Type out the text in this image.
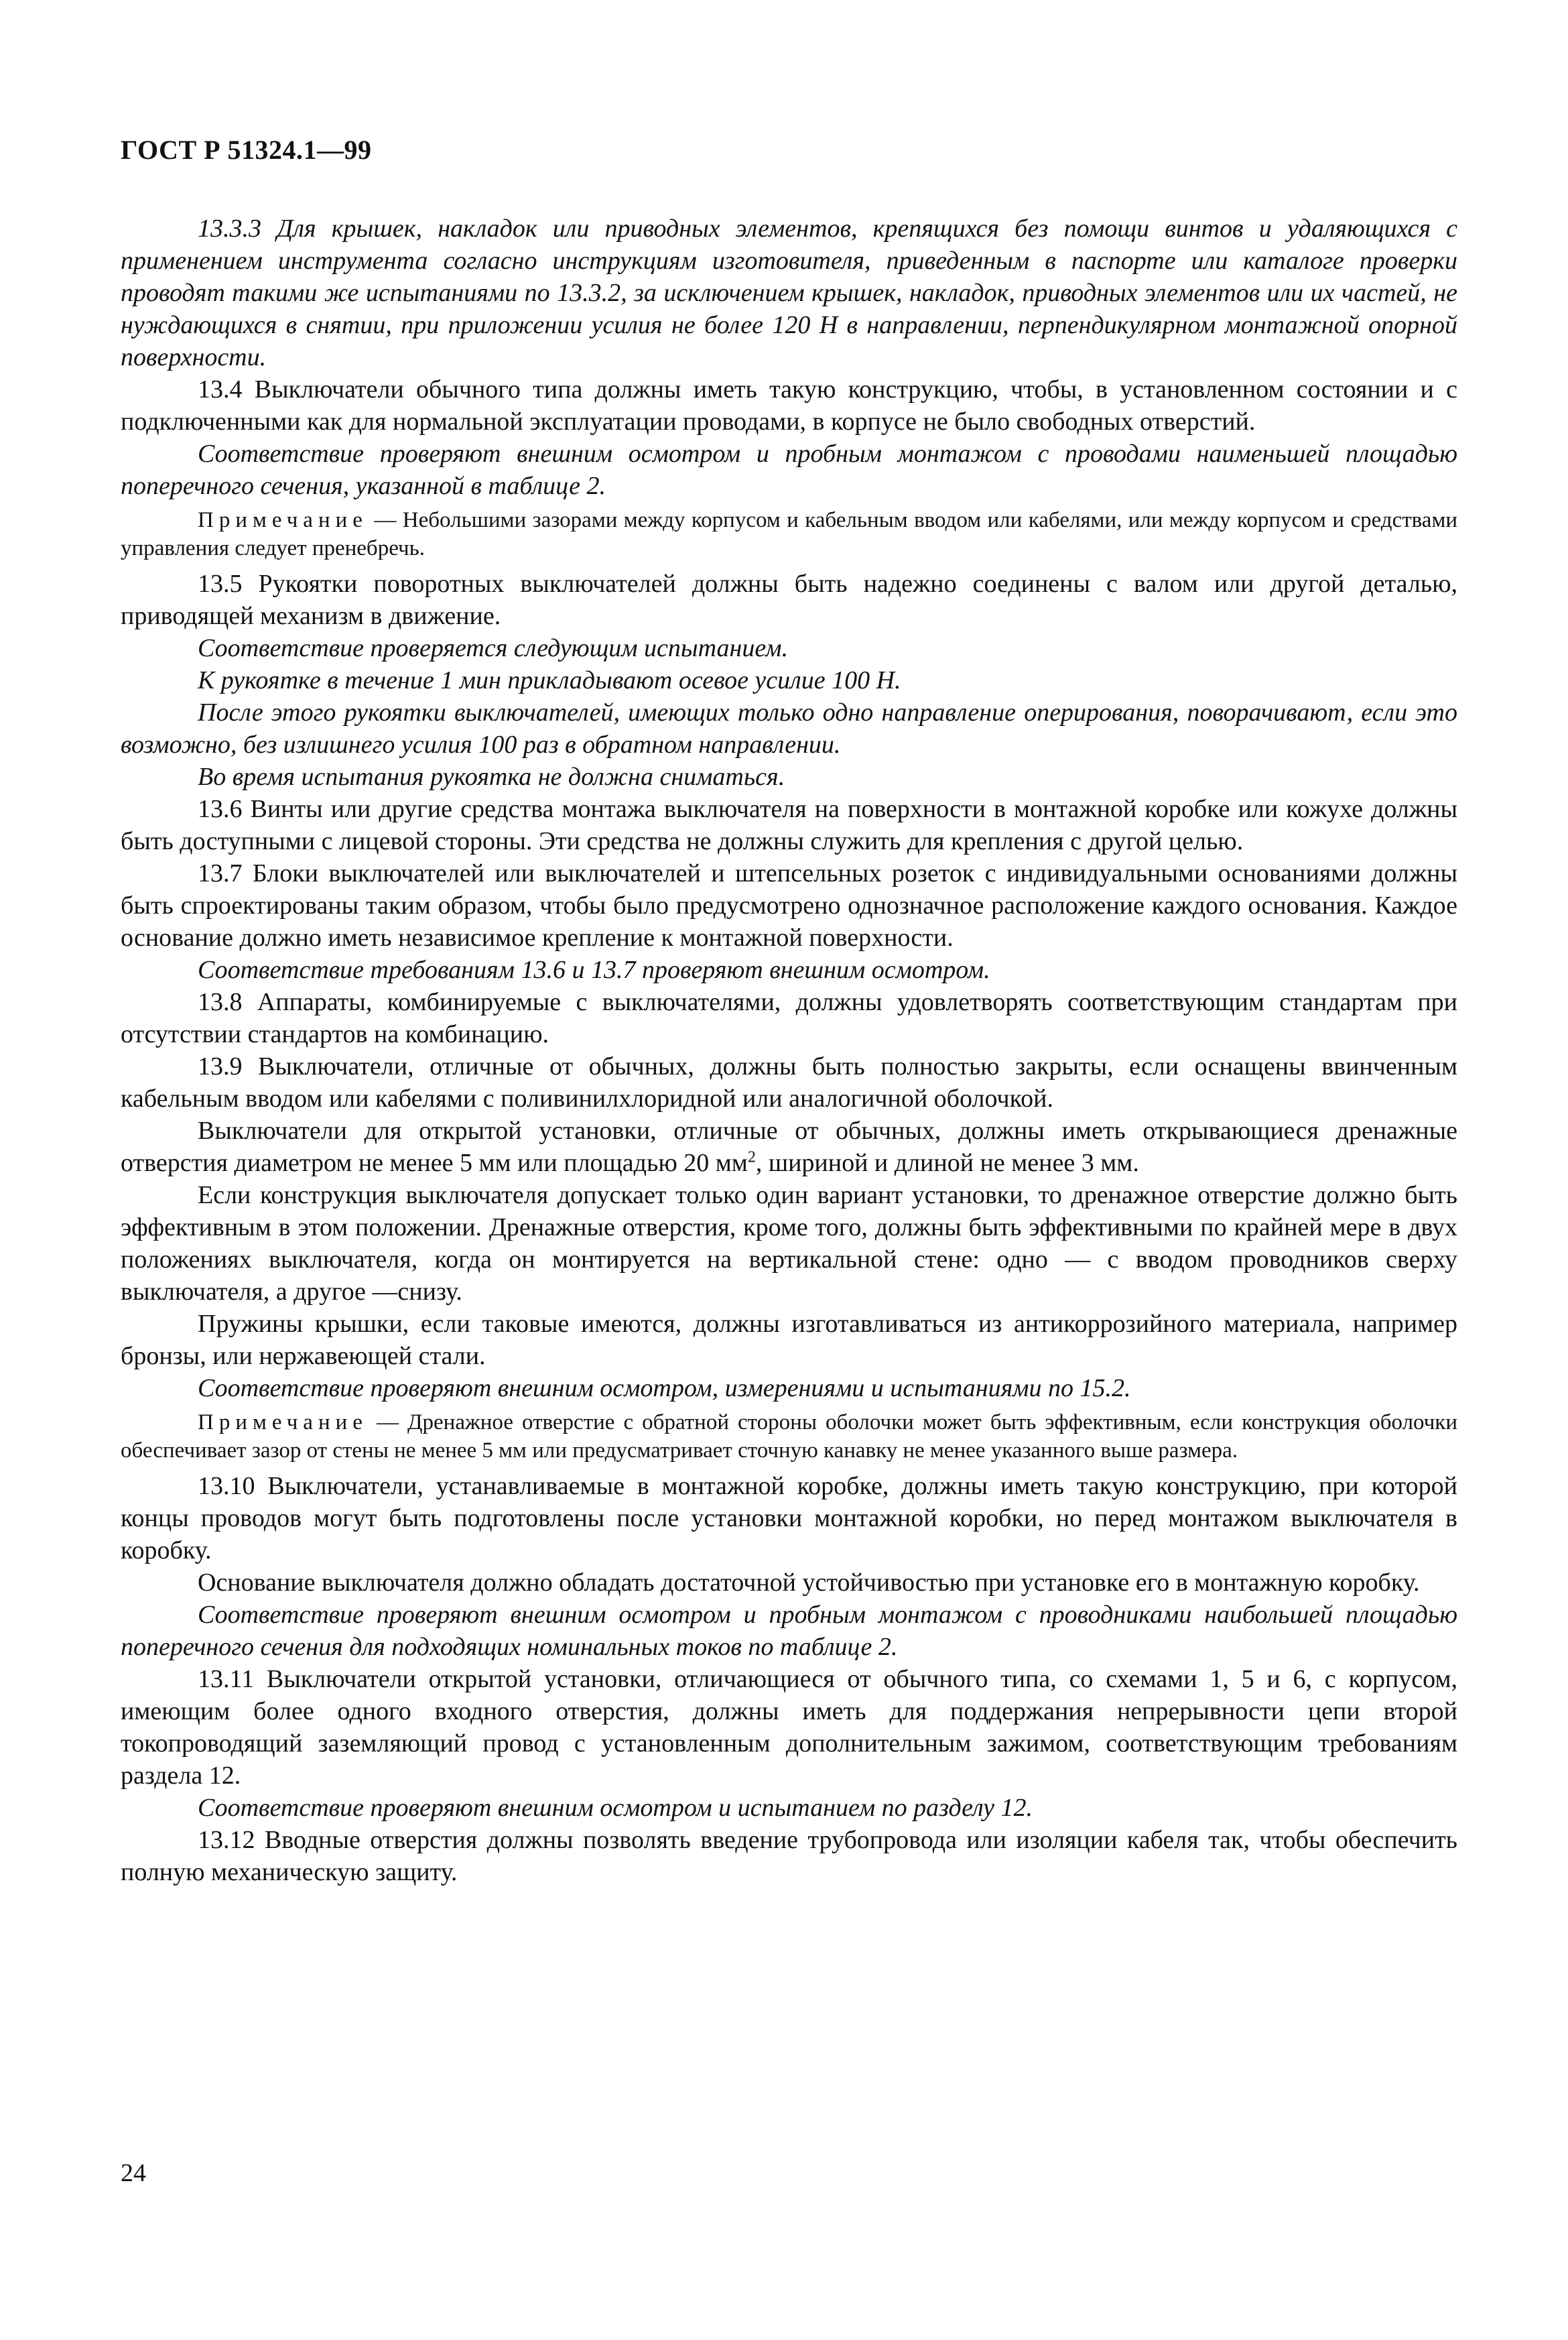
ГОСТ Р 51324.1—99

13.3.3 Для крышек, накладок или приводных элементов, крепящихся без помощи винтов и удаляющихся с применением инструмента согласно инструкциям изготовителя, приведенным в паспорте или каталоге проверки проводят такими же испытаниями по 13.3.2, за исключением крышек, накладок, приводных элементов или их частей, не нуждающихся в снятии, при приложении усилия не более 120 Н в направлении, перпендикулярном монтажной опорной поверхности.

13.4 Выключатели обычного типа должны иметь такую конструкцию, чтобы, в установленном состоянии и с подключенными как для нормальной эксплуатации проводами, в корпусе не было свободных отверстий.

Соответствие проверяют внешним осмотром и пробным монтажом с проводами наименьшей площадью поперечного сечения, указанной в таблице 2.

Примечание — Небольшими зазорами между корпусом и кабельным вводом или кабелями, или между корпусом и средствами управления следует пренебречь.

13.5 Рукоятки поворотных выключателей должны быть надежно соединены с валом или другой деталью, приводящей механизм в движение.

Соответствие проверяется следующим испытанием.

К рукоятке в течение 1 мин прикладывают осевое усилие 100 Н.

После этого рукоятки выключателей, имеющих только одно направление оперирования, поворачивают, если это возможно, без излишнего усилия 100 раз в обратном направлении.

Во время испытания рукоятка не должна сниматься.

13.6 Винты или другие средства монтажа выключателя на поверхности в монтажной коробке или кожухе должны быть доступными с лицевой стороны. Эти средства не должны служить для крепления с другой целью.

13.7 Блоки выключателей или выключателей и штепсельных розеток с индивидуальными основаниями должны быть спроектированы таким образом, чтобы было предусмотрено однозначное расположение каждого основания. Каждое основание должно иметь независимое крепление к монтажной поверхности.

Соответствие требованиям 13.6 и 13.7 проверяют внешним осмотром.

13.8 Аппараты, комбинируемые с выключателями, должны удовлетворять соответствующим стандартам при отсутствии стандартов на комбинацию.

13.9 Выключатели, отличные от обычных, должны быть полностью закрыты, если оснащены ввинченным кабельным вводом или кабелями с поливинилхлоридной или аналогичной оболочкой.

Выключатели для открытой установки, отличные от обычных, должны иметь открывающиеся дренажные отверстия диаметром не менее 5 мм или площадью 20 $мм^2$, шириной и длиной не менее 3 мм.

Если конструкция выключателя допускает только один вариант установки, то дренажное отверстие должно быть эффективным в этом положении. Дренажные отверстия, кроме того, должны быть эффективными по крайней мере в двух положениях выключателя, когда он монтируется на вертикальной стене: одно — с вводом проводников сверху выключателя, а другое —снизу.

Пружины крышки, если таковые имеются, должны изготавливаться из антикоррозийного материала, например бронзы, или нержавеющей стали.

Соответствие проверяют внешним осмотром, измерениями и испытаниями по 15.2.

Примечание — Дренажное отверстие с обратной стороны оболочки может быть эффективным, если конструкция оболочки обеспечивает зазор от стены не менее 5 мм или предусматривает сточную канавку не менее указанного выше размера.

13.10 Выключатели, устанавливаемые в монтажной коробке, должны иметь такую конструкцию, при которой концы проводов могут быть подготовлены после установки монтажной коробки, но перед монтажом выключателя в коробку.

Основание выключателя должно обладать достаточной устойчивостью при установке его в монтажную коробку.

Соответствие проверяют внешним осмотром и пробным монтажом с проводниками наибольшей площадью поперечного сечения для подходящих номинальных токов по таблице 2.

13.11 Выключатели открытой установки, отличающиеся от обычного типа, со схемами 1, 5 и 6, с корпусом, имеющим более одного входного отверстия, должны иметь для поддержания непрерывности цепи второй токопроводящий заземляющий провод с установленным дополнительным зажимом, соответствующим требованиям раздела 12.

Соответствие проверяют внешним осмотром и испытанием по разделу 12.

13.12 Вводные отверстия должны позволять введение трубопровода или изоляции кабеля так, чтобы обеспечить полную механическую защиту.

24
